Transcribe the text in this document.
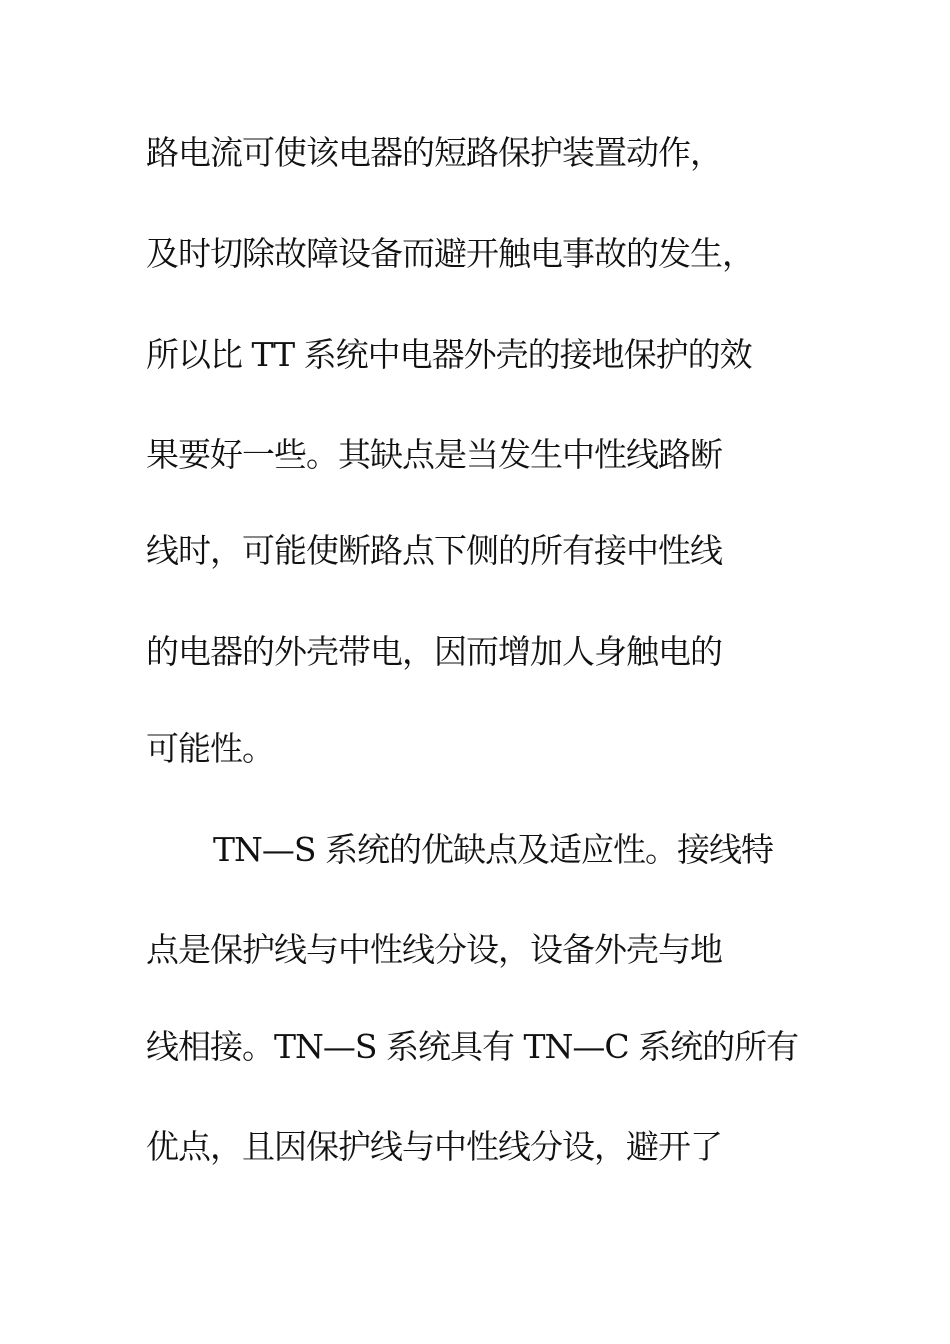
路电流可使该电器的短路保护装置动作，
及时切除故障设备而避开触电事故的发生，
所以比 TT 系统中电器外壳的接地保护的效
果要好一些。其缺点是当发生中性线路断
线时，可能使断路点下侧的所有接中性线
的电器的外壳带电，因而增加人身触电的
可能性。
TN—S 系统的优缺点及适应性。接线特
点是保护线与中性线分设，设备外壳与地
线相接。TN—S 系统具有 TN—C 系统的所有
优点，且因保护线与中性线分设，避开了
